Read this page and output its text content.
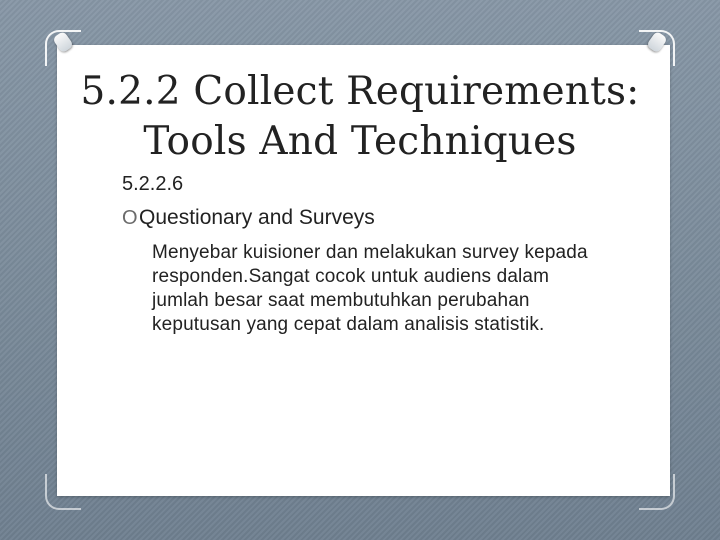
5.2.2 Collect Requirements:
Tools And Techniques
5.2.2.6
OQuestionary and Surveys
Menyebar kuisioner dan melakukan survey kepada responden.Sangat cocok untuk audiens dalam jumlah besar saat membutuhkan perubahan keputusan yang cepat dalam analisis statistik.
